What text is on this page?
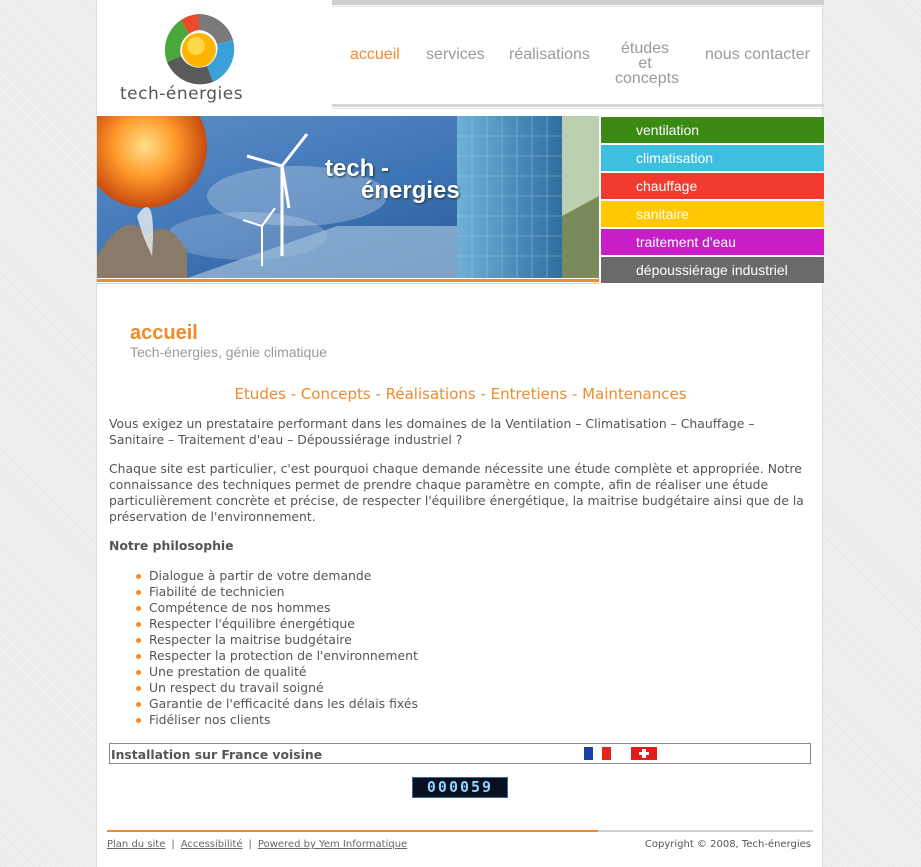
tech-énergies
accueil services réalisations	études et concepts
nous contacter
tech -
énergies
ventilation
climatisation
chauffage
sanitaire
traitement d'eau
dépoussiérage industriel
accueil
Tech-énergies, génie climatique
Etudes - Concepts - Réalisations - Entretiens - Maintenances

Vous exigez un prestataire performant dans les domaines de la Ventilation – Climatisation – Chauffage – Sanitaire – Traitement d'eau – Dépoussiérage industriel ?

Chaque site est particulier, c'est pourquoi chaque demande nécessite une étude complète et appropriée. Notre connaissance des techniques permet de prendre chaque paramètre en compte, afin de réaliser une étude particulièrement concrète et précise, de respecter l'équilibre énergétique, la maitrise budgétaire ainsi que de la préservation de l'environnement.

Notre philosophie
Dialogue à partir de votre demande
Fiabilité de technicien
Compétence de nos hommes
Respecter l'équilibre énergétique
Respecter la maitrise budgétaire
Respecter la protection de l'environnement
Une prestation de qualité
Un respect du travail soigné
Garantie de l'efficacité dans les délais fixés
Fidéliser nos clients
Installation sur France voisine
000059
Plan du site | Accessibilité | Powered by Yem Informatique	Copyright © 2008, Tech-énergies
